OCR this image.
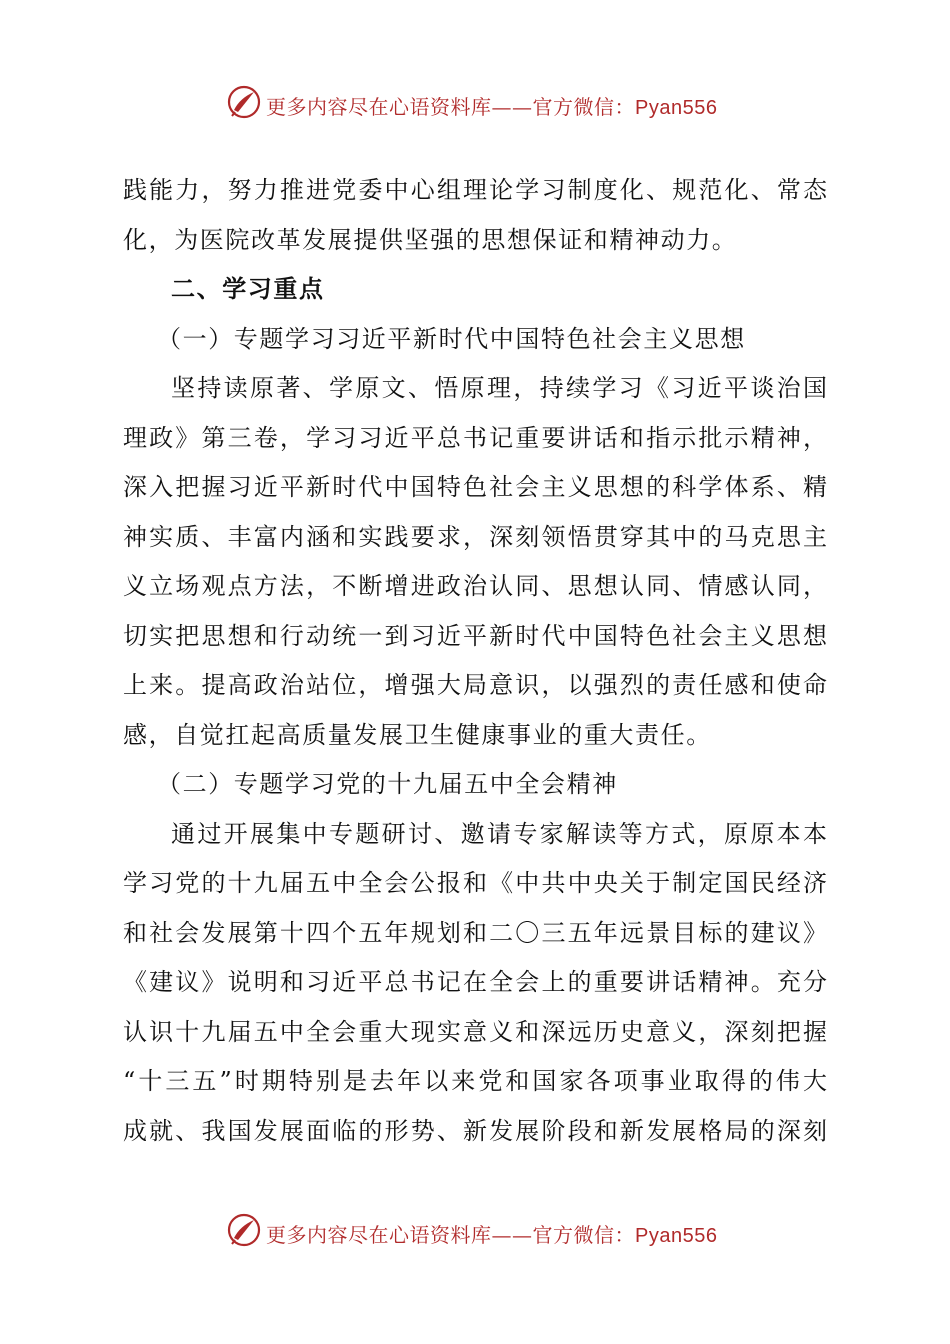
更多内容尽在心语资料库——官方微信：Pyan556
践能力，努力推进党委中心组理论学习制度化、规范化、常态
化，为医院改革发展提供坚强的思想保证和精神动力。
二、学习重点
（一）专题学习习近平新时代中国特色社会主义思想
坚持读原著、学原文、悟原理，持续学习《习近平谈治国
理政》第三卷，学习习近平总书记重要讲话和指示批示精神，
深入把握习近平新时代中国特色社会主义思想的科学体系、精
神实质、丰富内涵和实践要求，深刻领悟贯穿其中的马克思主
义立场观点方法，不断增进政治认同、思想认同、情感认同，
切实把思想和行动统一到习近平新时代中国特色社会主义思想
上来。提高政治站位，增强大局意识，以强烈的责任感和使命
感，自觉扛起高质量发展卫生健康事业的重大责任。
（二）专题学习党的十九届五中全会精神
通过开展集中专题研讨、邀请专家解读等方式，原原本本
学习党的十九届五中全会公报和《中共中央关于制定国民经济
和社会发展第十四个五年规划和二〇三五年远景目标的建议》
《建议》说明和习近平总书记在全会上的重要讲话精神。充分
认识十九届五中全会重大现实意义和深远历史意义，深刻把握
“十三五”时期特别是去年以来党和国家各项事业取得的伟大
成就、我国发展面临的形势、新发展阶段和新发展格局的深刻
更多内容尽在心语资料库——官方微信：Pyan556
